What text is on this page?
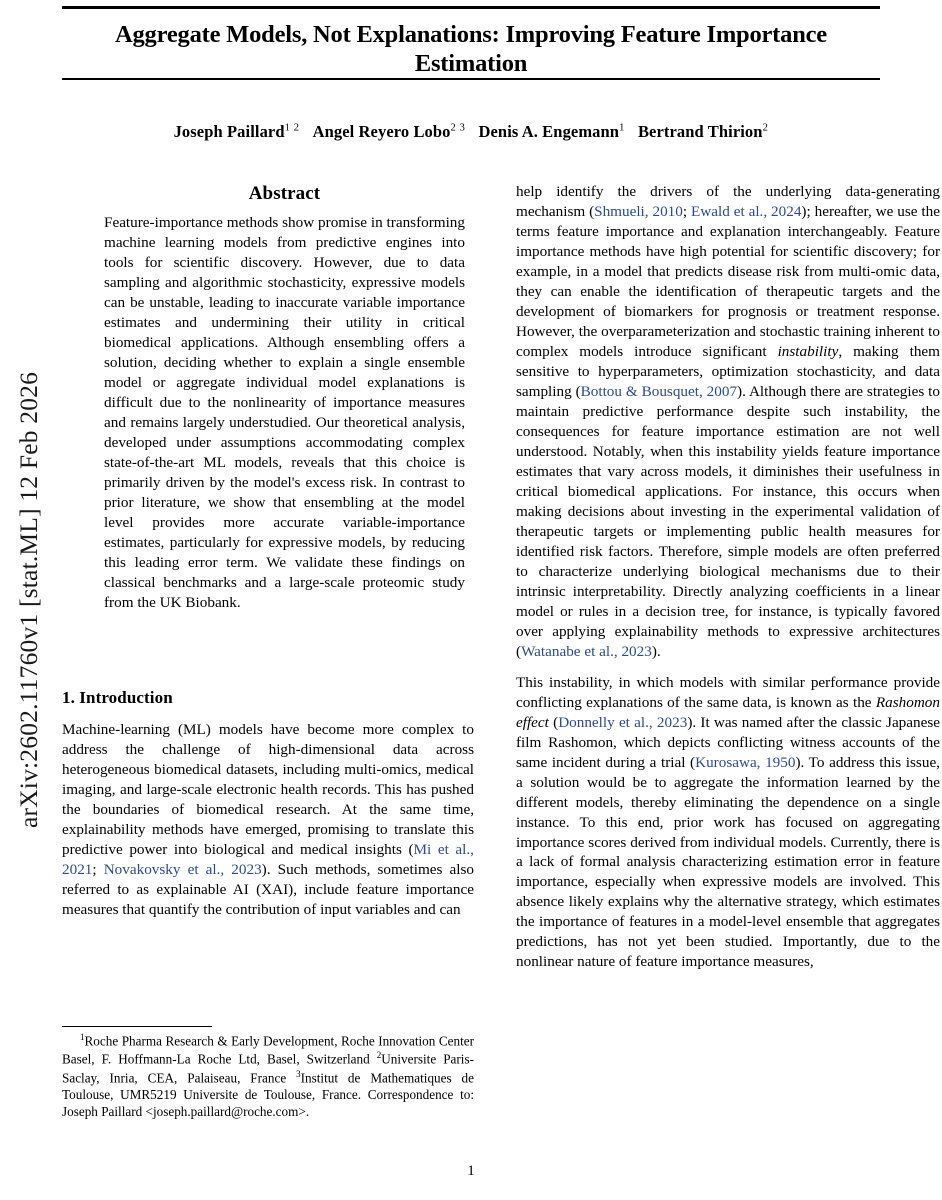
arXiv:2602.11760v1 [stat.ML] 12 Feb 2026
Aggregate Models, Not Explanations: Improving Feature Importance Estimation
Joseph Paillard$^{1 2}$ Angel Reyero Lobo$^{2 3}$ Denis A. Engemann$^1$ Bertrand Thirion$^2$
Abstract

Feature-importance methods show promise in transforming machine learning models from predictive engines into tools for scientific discovery. However, due to data sampling and algorithmic stochasticity, expressive models can be unstable, leading to inaccurate variable importance estimates and undermining their utility in critical biomedical applications. Although ensembling offers a solution, deciding whether to explain a single ensemble model or aggregate individual model explanations is difficult due to the nonlinearity of importance measures and remains largely understudied. Our theoretical analysis, developed under assumptions accommodating complex state-of-the-art ML models, reveals that this choice is primarily driven by the model's excess risk. In contrast to prior literature, we show that ensembling at the model level provides more accurate variable-importance estimates, particularly for expressive models, by reducing this leading error term. We validate these findings on classical benchmarks and a large-scale proteomic study from the UK Biobank.

1. Introduction

Machine-learning (ML) models have become more complex to address the challenge of high-dimensional data across heterogeneous biomedical datasets, including multi-omics, medical imaging, and large-scale electronic health records. This has pushed the boundaries of biomedical research. At the same time, explainability methods have emerged, promising to translate this predictive power into biological and medical insights (Mi et al., 2021; Novakovsky et al., 2023). Such methods, sometimes also referred to as explainable AI (XAI), include feature importance measures that quantify the contribution of input variables and can

help identify the drivers of the underlying data-generating mechanism (Shmueli, 2010; Ewald et al., 2024); hereafter, we use the terms feature importance and explanation interchangeably. Feature importance methods have high potential for scientific discovery; for example, in a model that predicts disease risk from multi-omic data, they can enable the identification of therapeutic targets and the development of biomarkers for prognosis or treatment response. However, the overparameterization and stochastic training inherent to complex models introduce significant instability, making them sensitive to hyperparameters, optimization stochasticity, and data sampling (Bottou & Bousquet, 2007). Although there are strategies to maintain predictive performance despite such instability, the consequences for feature importance estimation are not well understood. Notably, when this instability yields feature importance estimates that vary across models, it diminishes their usefulness in critical biomedical applications. For instance, this occurs when making decisions about investing in the experimental validation of therapeutic targets or implementing public health measures for identified risk factors. Therefore, simple models are often preferred to characterize underlying biological mechanisms due to their intrinsic interpretability. Directly analyzing coefficients in a linear model or rules in a decision tree, for instance, is typically favored over applying explainability methods to expressive architectures (Watanabe et al., 2023).

This instability, in which models with similar performance provide conflicting explanations of the same data, is known as the Rashomon effect (Donnelly et al., 2023). It was named after the classic Japanese film Rashomon, which depicts conflicting witness accounts of the same incident during a trial (Kurosawa, 1950). To address this issue, a solution would be to aggregate the information learned by the different models, thereby eliminating the dependence on a single instance. To this end, prior work has focused on aggregating importance scores derived from individual models. Currently, there is a lack of formal analysis characterizing estimation error in feature importance, especially when expressive models are involved. This absence likely explains why the alternative strategy, which estimates the importance of features in a model-level ensemble that aggregates predictions, has not yet been studied. Importantly, due to the nonlinear nature of feature importance measures,

$^1$Roche Pharma Research & Early Development, Roche Innovation Center Basel, F. Hoffmann-La Roche Ltd, Basel, Switzerland $^2$Universite Paris-Saclay, Inria, CEA, Palaiseau, France $^3$Institut de Mathematiques de Toulouse, UMR5219 Universite de Toulouse, France. Correspondence to: Joseph Paillard <joseph.paillard@roche.com>.

1
